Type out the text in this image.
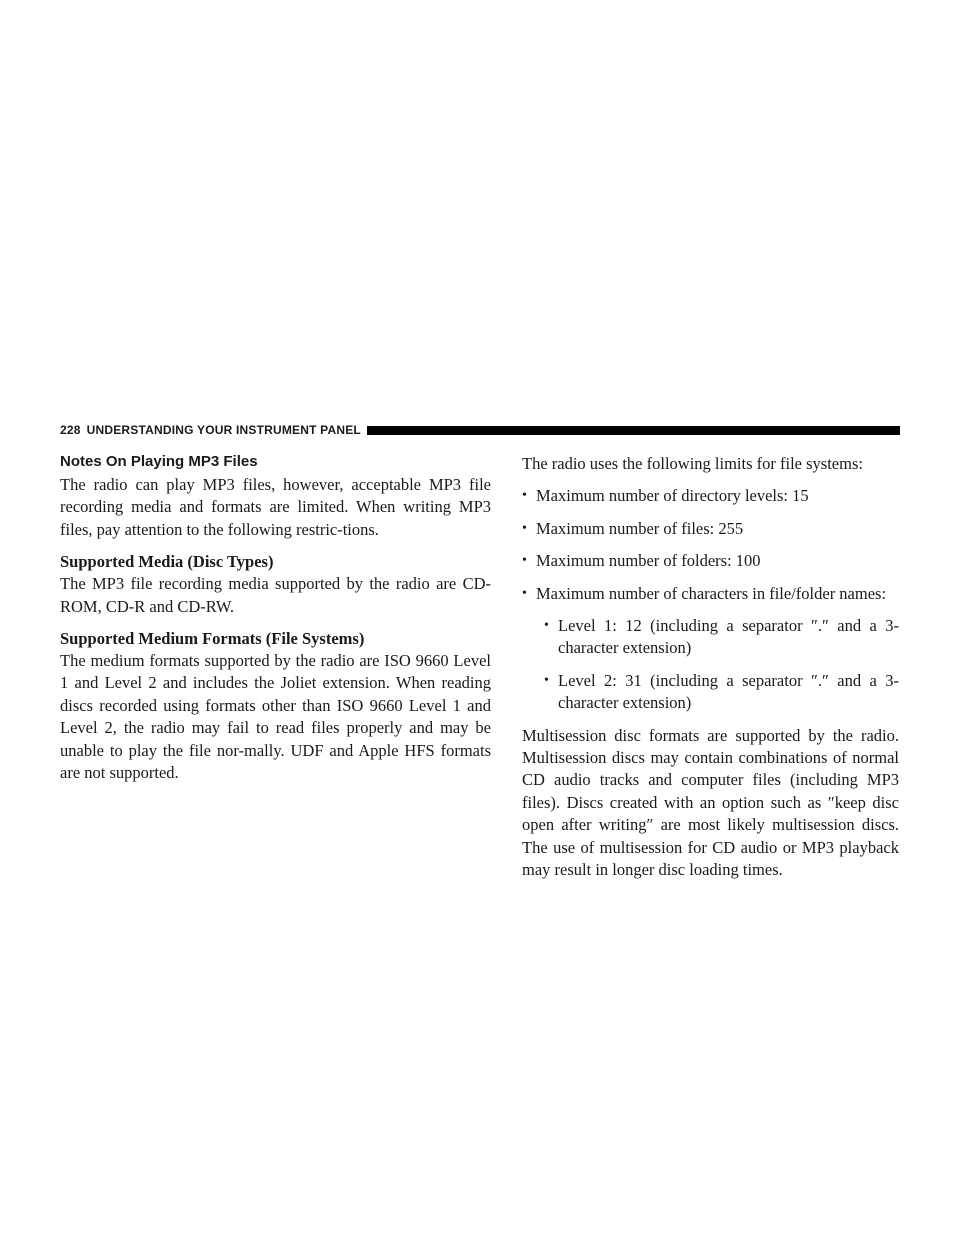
228 UNDERSTANDING YOUR INSTRUMENT PANEL
Notes On Playing MP3 Files

The radio can play MP3 files, however, acceptable MP3 file recording media and formats are limited. When writing MP3 files, pay attention to the following restric-tions.

Supported Media (Disc Types)

The MP3 file recording media supported by the radio are CD-ROM, CD-R and CD-RW.

Supported Medium Formats (File Systems)

The medium formats supported by the radio are ISO 9660 Level 1 and Level 2 and includes the Joliet extension. When reading discs recorded using formats other than ISO 9660 Level 1 and Level 2, the radio may fail to read files properly and may be unable to play the file nor-mally. UDF and Apple HFS formats are not supported.

The radio uses the following limits for file systems:

• Maximum number of directory levels: 15
• Maximum number of files: 255
• Maximum number of folders: 100
• Maximum number of characters in file/folder names:
• Level 1: 12 (including a separator ″.″ and a 3-character extension)
• Level 2: 31 (including a separator ″.″ and a 3-character extension)

Multisession disc formats are supported by the radio. Multisession discs may contain combinations of normal CD audio tracks and computer files (including MP3 files). Discs created with an option such as ″keep disc open after writing″ are most likely multisession discs. The use of multisession for CD audio or MP3 playback may result in longer disc loading times.
